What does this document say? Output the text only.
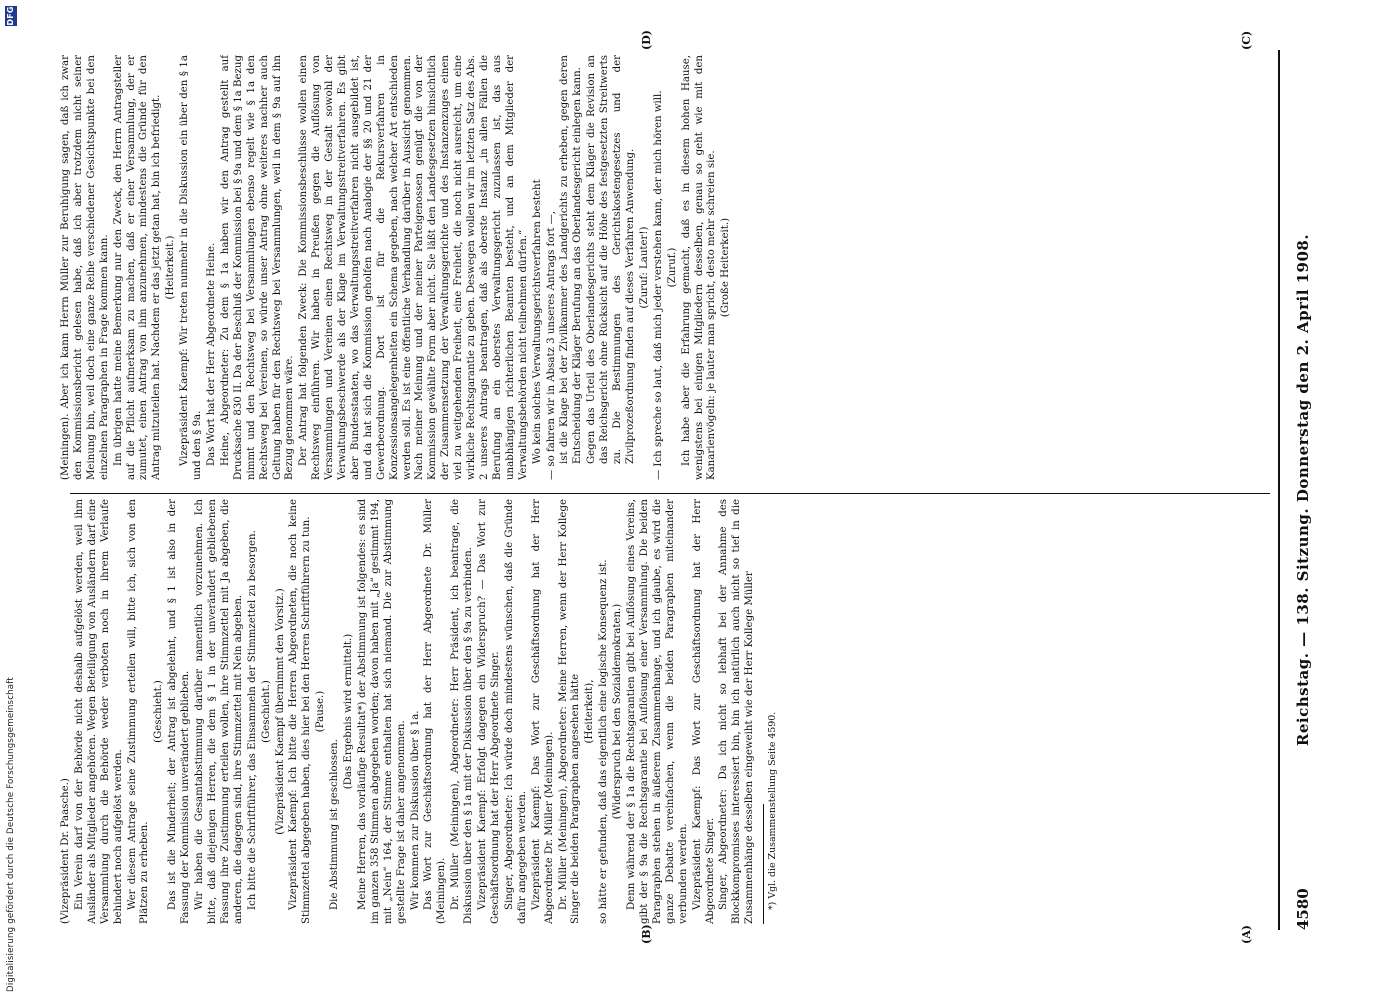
Digitalisierung gefördert durch die Deutsche Forschungsgemeinschaft
DFG
4580
Reichstag. — 138. Sitzung. Donnerstag den 2. April 1908.
(A)
(B)
(C)
(D)

(Vizepräsident Dr. Paasche.) Ein Verein darf von der Behörde nicht deshalb aufgelöst werden, weil ihm Ausländer als Mitglieder angehören. Wegen Beteiligung von Ausländern darf eine Versammlung durch die Behörde weder verboten noch in ihrem Verlaufe behindert noch aufgelöst werden. Wer diesem Antrage seine Zustimmung erteilen will, bitte ich, sich von den Plätzen zu erheben.

(Geschieht.) Das ist die Minderheit; der Antrag ist abgelehnt, und § 1 ist also in der Fassung der Kommission unverändert geblieben. Wir haben die Gesamtabstimmung darüber namentlich vorzunehmen. Ich bitte, daß diejenigen Herren, die dem § 1 in der unverändert gebliebenen Fassung ihre Zustimmung erteilen wollen, ihre Stimmzettel mit Ja abgeben, die anderen, die dagegen sind, ihre Stimmzettel mit Nein abgeben. Ich bitte die Schriftführer, das Einsammeln der Stimmzettel zu besorgen. (Geschieht.) (Vizepräsident Kaempf übernimmt den Vorsitz.) Vizepräsident Kaempf: Ich bitte die Herren Abgeordneten, die noch keine Stimmzettel abgegeben haben, dies hier bei den Herren Schriftführern zu tun. (Pause.)

Die Abstimmung ist geschlossen.

(Das Ergebnis wird ermittelt.) Meine Herren, das vorläufige Resultat*) der Abstimmung ist folgendes: es sind im ganzen 358 Stimmen abgegeben worden; davon haben mit „Ja“ gestimmt 194, mit „Nein“ 164, der Stimme enthalten hat sich niemand. Die zur Abstimmung gestellte Frage ist daher angenommen. Wir kommen zur Diskussion über § 1a. Das Wort zur Geschäftsordnung hat der Herr Abgeordnete Dr. Müller (Meiningen). Dr. Müller (Meiningen), Abgeordneter: Herr Präsident, ich beantrage, die Diskussion über den § 1a mit der Diskussion über den § 9a zu verbinden. Vizepräsident Kaempf: Erfolgt dagegen ein Widerspruch? — Das Wort zur Geschäftsordnung hat der Herr Abgeordnete Singer. Singer, Abgeordneter: Ich würde doch mindestens wünschen, daß die Gründe dafür angegeben werden. Vizepräsident Kaempf: Das Wort zur Geschäftsordnung hat der Herr Abgeordnete Dr. Müller (Meiningen). Dr. Müller (Meiningen), Abgeordneter: Meine Herren, wenn der Herr Kollege Singer die beiden Paragraphen angesehen hätte (Heiterkeit), so hätte er gefunden, daß das eigentlich eine logische Konsequenz ist. (Widerspruch bei den Sozialdemokraten.) Denn während der § 1a die Rechtsgarantien gibt bei Auflösung eines Vereins, gibt der § 9a die Rechtsgarantie bei Auflösung einer Versammlung. Die beiden Paragraphen stehen in äußerem Zusammenhange, und ich glaube, es wird die ganze Debatte vereinfachen, wenn die beiden Paragraphen miteinander verbunden werden. Vizepräsident Kaempf: Das Wort zur Geschäftsordnung hat der Herr Abgeordnete Singer. Singer, Abgeordneter: Da ich nicht so lebhaft bei der Annahme des Blockkompromisses interessiert bin, bin ich natürlich auch nicht so tief in die Zusammenhänge desselben eingeweiht wie der Herr Kollege Müller *) Vgl. die Zusammenstellung Seite 4590.

(Meiningen). Aber ich kann Herrn Müller zur Beruhigung sagen, daß ich zwar den Kommissionsbericht gelesen habe, daß ich aber trotzdem nicht seiner Meinung bin, weil doch eine ganze Reihe verschiedener Gesichtspunkte bei den einzelnen Paragraphen in Frage kommen kann. Im übrigen hatte meine Bemerkung nur den Zweck, den Herrn Antragsteller auf die Pflicht aufmerksam zu machen, daß er einer Versammlung, der er zumutet, einen Antrag von ihm anzunehmen, mindestens die Gründe für den Antrag mitzuteilen hat. Nachdem er das jetzt getan hat, bin ich befriedigt. (Heiterkeit.) Vizepräsident Kaempf: Wir treten nunmehr in die Diskussion ein über den § 1a und den § 9a. Das Wort hat der Herr Abgeordnete Heine. Heine, Abgeordneter: Zu dem § 1a haben wir den Antrag gestellt auf Drucksache 830 II. Da der Beschluß der Kommission bei § 9a und dem § 1a Bezug nimmt und den Rechtsweg bei Versammlungen ebenso regelt wie § 1a den Rechtsweg bei Vereinen, so würde unser Antrag ohne weiteres nachher auch Geltung haben für den Rechtsweg bei Versammlungen, weil in dem § 9a auf ihn Bezug genommen wäre. Der Antrag hat folgenden Zweck: Die Kommissionsbeschlüsse wollen einen Rechtsweg einführen. Wir haben in Preußen gegen die Auflösung von Versammlungen und Vereinen einen Rechtsweg in der Gestalt sowohl der Verwaltungsbeschwerde als der Klage im Verwaltungsstreitverfahren. Es gibt aber Bundesstaaten, wo das Verwaltungsstreitverfahren nicht ausgebildet ist, und da hat sich die Kommission geholfen nach Analogie der §§ 20 und 21 der Gewerbeordnung. Dort ist für die Rekursverfahren in Konzessionsangelegenheiten ein Schema gegeben, nach welcher Art entschieden werden soll. Es ist eine öffentliche Verhandlung darüber in Aussicht genommen. Nach meiner Meinung und der meiner Parteigenossen genügt die von der Kommission gewählte Form aber nicht. Sie läßt den Landesgesetzen hinsichtlich der Zusammensetzung der Verwaltungsgerichte und des Instanzenzuges einen viel zu weitgehenden Freiheit, eine Freiheit, die noch nicht ausreicht, um eine wirkliche Rechtsgarantie zu geben. Deswegen wollen wir im letzten Satz des Abs. 2 unseres Antrags beantragen, daß als oberste Instanz „in allen Fällen die Berufung an ein oberstes Verwaltungsgericht zuzulassen ist, das aus unabhängigen richterlichen Beamten besteht, und an dem Mitglieder der Verwaltungsbehörden nicht teilnehmen dürfen.“ Wo kein solches Verwaltungsgerichtsverfahren besteht — so fahren wir in Absatz 3 unseres Antrags fort —, ist die Klage bei der Zivilkammer des Landgerichts zu erheben, gegen deren Entscheidung der Kläger Berufung an das Oberlandesgericht einlegen kann. Gegen das Urteil des Oberlandesgerichts steht dem Kläger die Revision an das Reichsgericht ohne Rücksicht auf die Höhe des festgesetzten Streitwerts zu. Die Bestimmungen des Gerichtskostengesetzes und der Zivilprozeßordnung finden auf dieses Verfahren Anwendung. (Zuruf: Lauter!) — Ich spreche so laut, daß mich jeder verstehen kann, der mich hören will. (Zuruf.) Ich habe aber die Erfahrung gemacht, daß es in diesem hohen Hause, wenigstens bei einigen Mitgliedern desselben, genau so geht wie mit den Kanarienvögeln: je lauter man spricht, desto mehr schreien sie. (Große Heiterkeit.)
